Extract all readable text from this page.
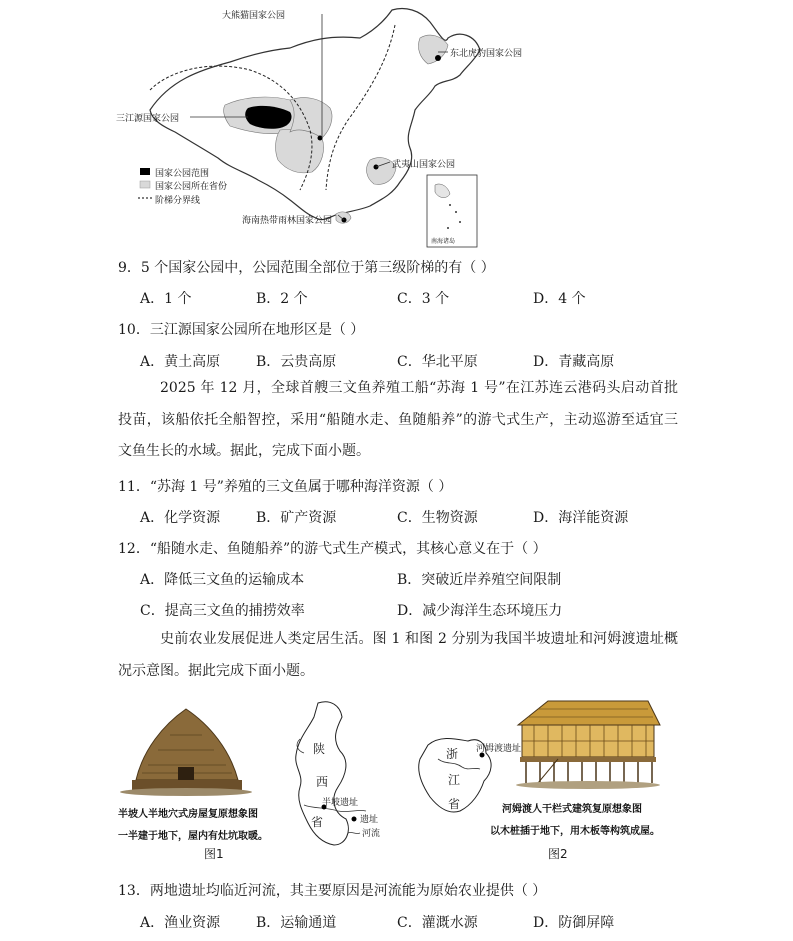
大熊猫国家公园
东北虎豹国家公园
三江源国家公园
武夷山国家公园
海南热带雨林国家公园
南海诸岛
国家公园范围
国家公园所在省份
阶梯分界线
9．5 个国家公园中，公园范围全部位于第三级阶梯的有（ ）
A．1 个	B．2 个	C．3 个	D．4 个
10．三江源国家公园所在地形区是（ ）
A．黄土高原	B．云贵高原	C．华北平原	D．青藏高原
2025 年 12 月，全球首艘三文鱼养殖工船“苏海 1 号”在江苏连云港码头启动首批投苗，该船依托全船智控，采用“船随水走、鱼随船养”的游弋式生产，主动巡游至适宜三文鱼生长的水域。据此，完成下面小题。
11．“苏海 1 号”养殖的三文鱼属于哪种海洋资源（ ）
A．化学资源	B．矿产资源	C．生物资源	D．海洋能资源
12．“船随水走、鱼随船养”的游弋式生产模式，其核心意义在于（ ）
A．降低三文鱼的运输成本	B．突破近岸养殖空间限制
C．提高三文鱼的捕捞效率	D．减少海洋生态环境压力
史前农业发展促进人类定居生活。图 1 和图 2 分别为我国半坡遗址和河姆渡遗址概况示意图。据此完成下面小题。
陕
西
省
半坡遗址
遗址
河流
半坡人半地穴式房屋复原想象图
一半建于地下，屋内有灶坑取暖。
图1
河姆渡遗址
浙
江
省	河姆渡人干栏式建筑复原想象图
以木桩插于地下，用木板等构筑成屋。
图2
13．两地遗址均临近河流，其主要原因是河流能为原始农业提供（ ）
A．渔业资源	B．运输通道	C．灌溉水源	D．防御屏障
